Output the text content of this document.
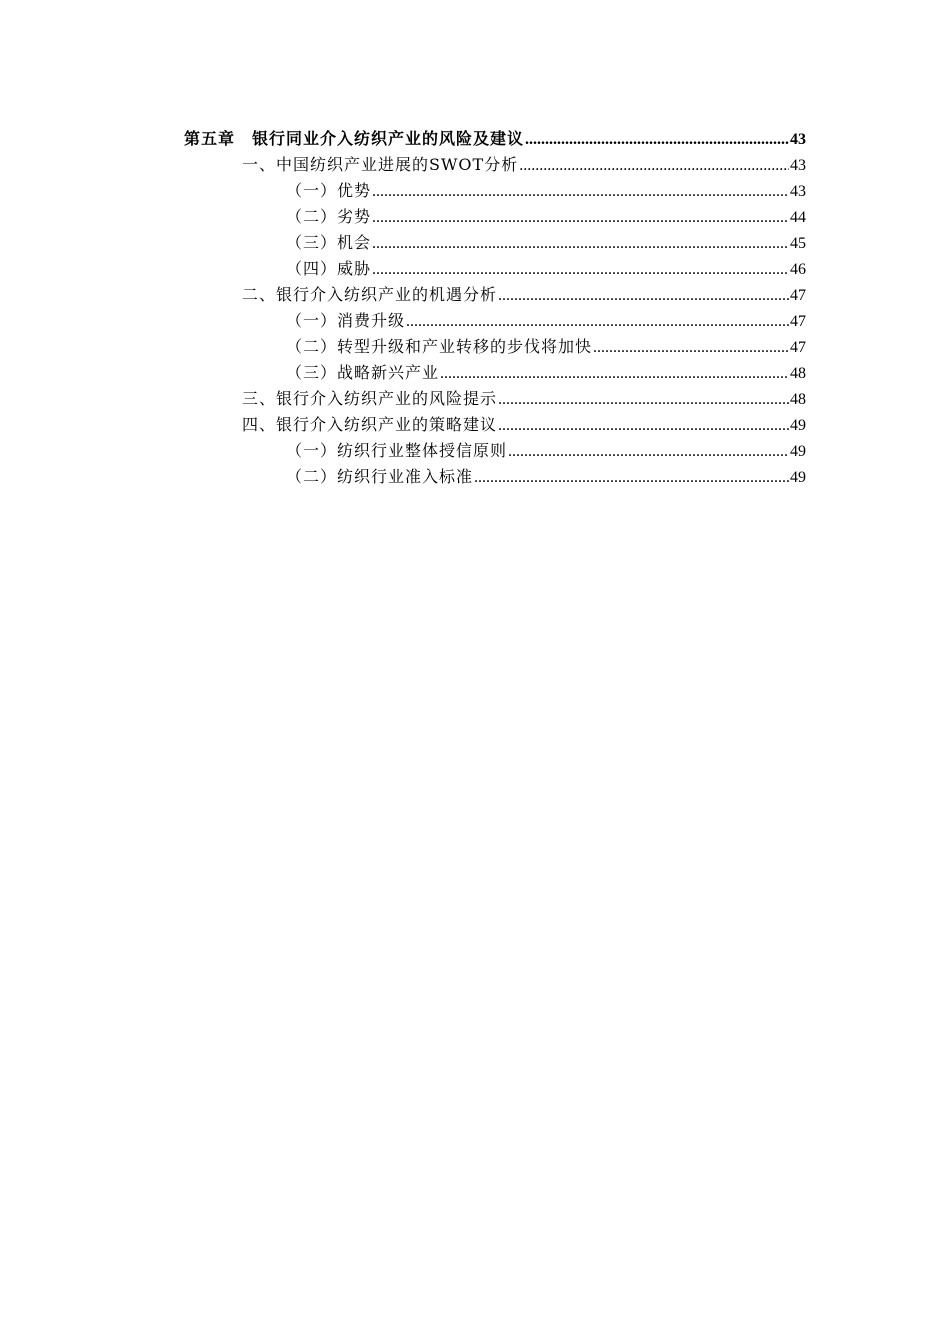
第五章　银行同业介入纺织产业的风险及建议 .....	43
一、中国纺织产业进展的SWOT分析 .....	43
（一）优势 .....	43
（二）劣势 .....	44
（三）机会 .....	45
（四）威胁 .....	46
二、银行介入纺织产业的机遇分析 .....	47
（一）消费升级 .....	47
（二）转型升级和产业转移的步伐将加快 .....	47
（三）战略新兴产业 .....	48
三、银行介入纺织产业的风险提示 .....	48
四、银行介入纺织产业的策略建议 .....	49
（一）纺织行业整体授信原则 .....	49
（二）纺织行业准入标准 .....	49
